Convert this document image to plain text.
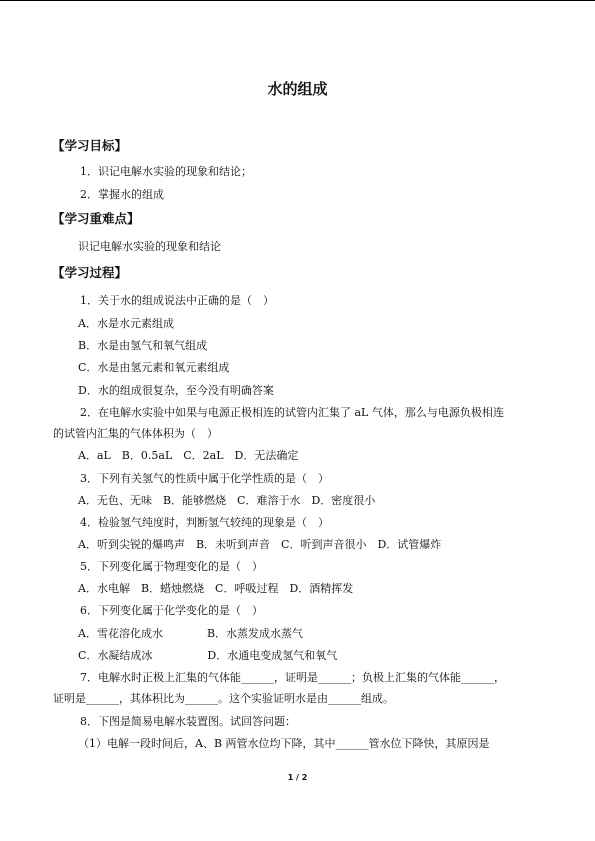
水的组成
【学习目标】
1．识记电解水实验的现象和结论；
2．掌握水的组成
【学习重难点】
识记电解水实验的现象和结论
【学习过程】
1．关于水的组成说法中正确的是（　）
A．水是水元素组成
B．水是由氢气和氧气组成
C．水是由氢元素和氧元素组成
D．水的组成很复杂，至今没有明确答案
2．在电解水实验中如果与电源正极相连的试管内汇集了 aL 气体，那么与电源负极相连
的试管内汇集的气体体积为（　）
A．aL　B．0.5aL　C．2aL　D．无法确定
3．下列有关氢气的性质中属于化学性质的是（　）
A．无色、无味　B．能够燃烧　C．难溶于水　D．密度很小
4．检验氢气纯度时，判断氢气较纯的现象是（　）
A．听到尖锐的爆鸣声　B．未听到声音　C．听到声音很小　D．试管爆炸
5．下列变化属于物理变化的是（　）
A．水电解　B．蜡烛燃烧　C．呼吸过程　D．酒精挥发
6．下列变化属于化学变化的是（　）
A．雪花溶化成水　　　　B．水蒸发成水蒸气
C．水凝结成冰　　　　　D．水通电变成氢气和氧气
7．电解水时正极上汇集的气体能______，证明是______；负极上汇集的气体能______，
证明是______，其体积比为______。这个实验证明水是由______组成。
8．下图是简易电解水装置图。试回答问题：
（1）电解一段时间后，A、B 两管水位均下降，其中______管水位下降快，其原因是
1 / 2
